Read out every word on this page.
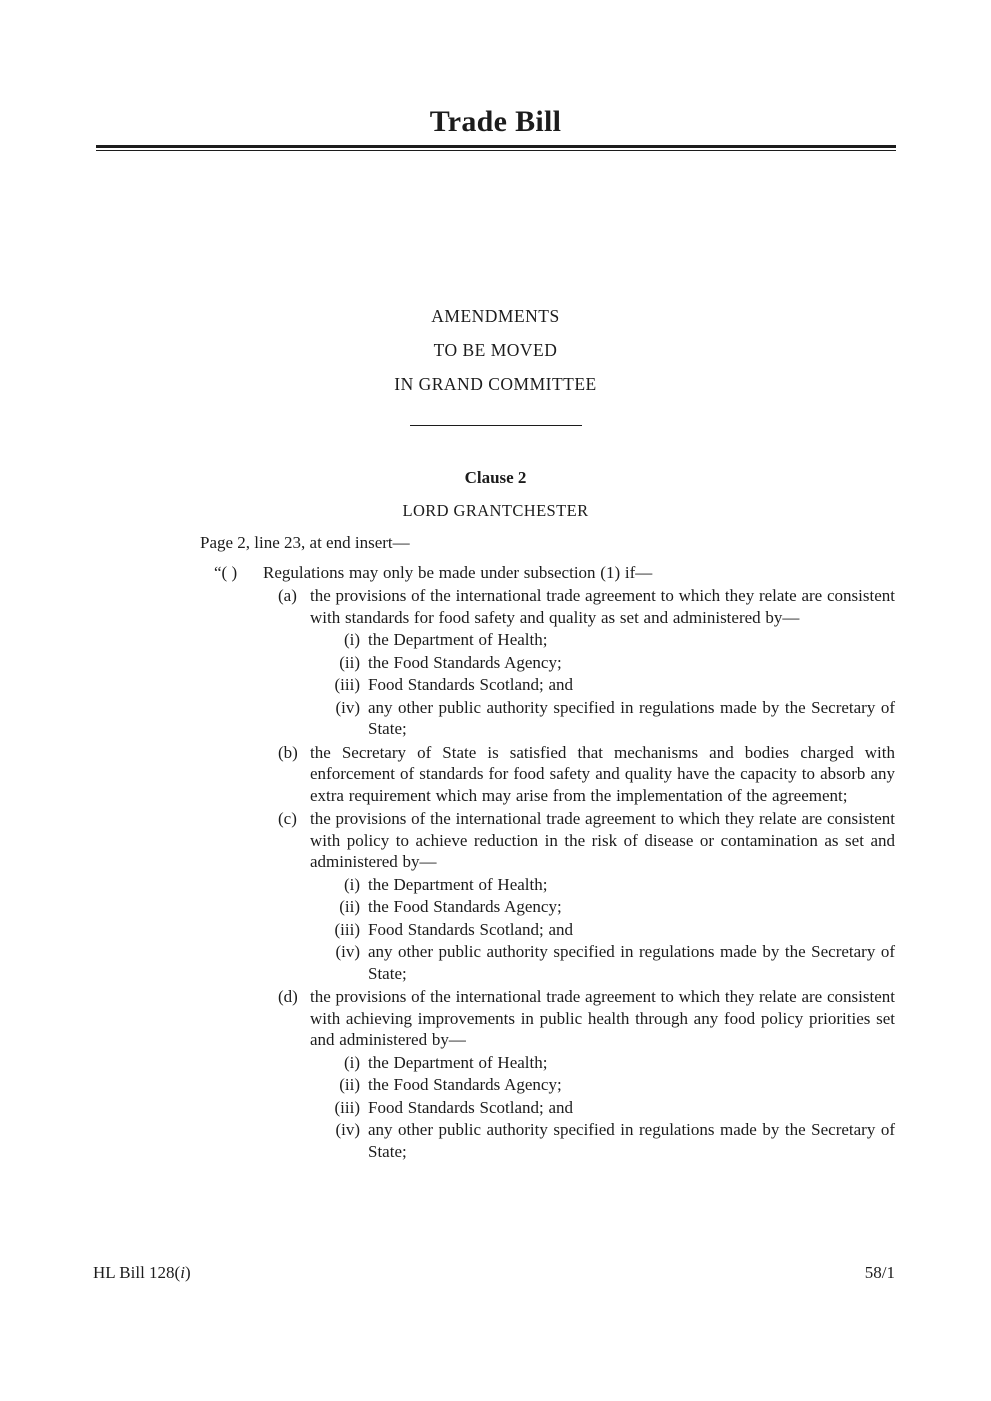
Trade Bill
AMENDMENTS
TO BE MOVED
IN GRAND COMMITTEE
Clause 2
LORD GRANTCHESTER
Page 2, line 23, at end insert—
“( )	Regulations may only be made under subsection (1) if—
(a) the provisions of the international trade agreement to which they relate are consistent with standards for food safety and quality as set and administered by—
(i) the Department of Health;
(ii) the Food Standards Agency;
(iii) Food Standards Scotland; and
(iv) any other public authority specified in regulations made by the Secretary of State;
(b) the Secretary of State is satisfied that mechanisms and bodies charged with enforcement of standards for food safety and quality have the capacity to absorb any extra requirement which may arise from the implementation of the agreement;
(c) the provisions of the international trade agreement to which they relate are consistent with policy to achieve reduction in the risk of disease or contamination as set and administered by—
(i) the Department of Health;
(ii) the Food Standards Agency;
(iii) Food Standards Scotland; and
(iv) any other public authority specified in regulations made by the Secretary of State;
(d) the provisions of the international trade agreement to which they relate are consistent with achieving improvements in public health through any food policy priorities set and administered by—
(i) the Department of Health;
(ii) the Food Standards Agency;
(iii) Food Standards Scotland; and
(iv) any other public authority specified in regulations made by the Secretary of State;
HL Bill 128(i)	58/1
